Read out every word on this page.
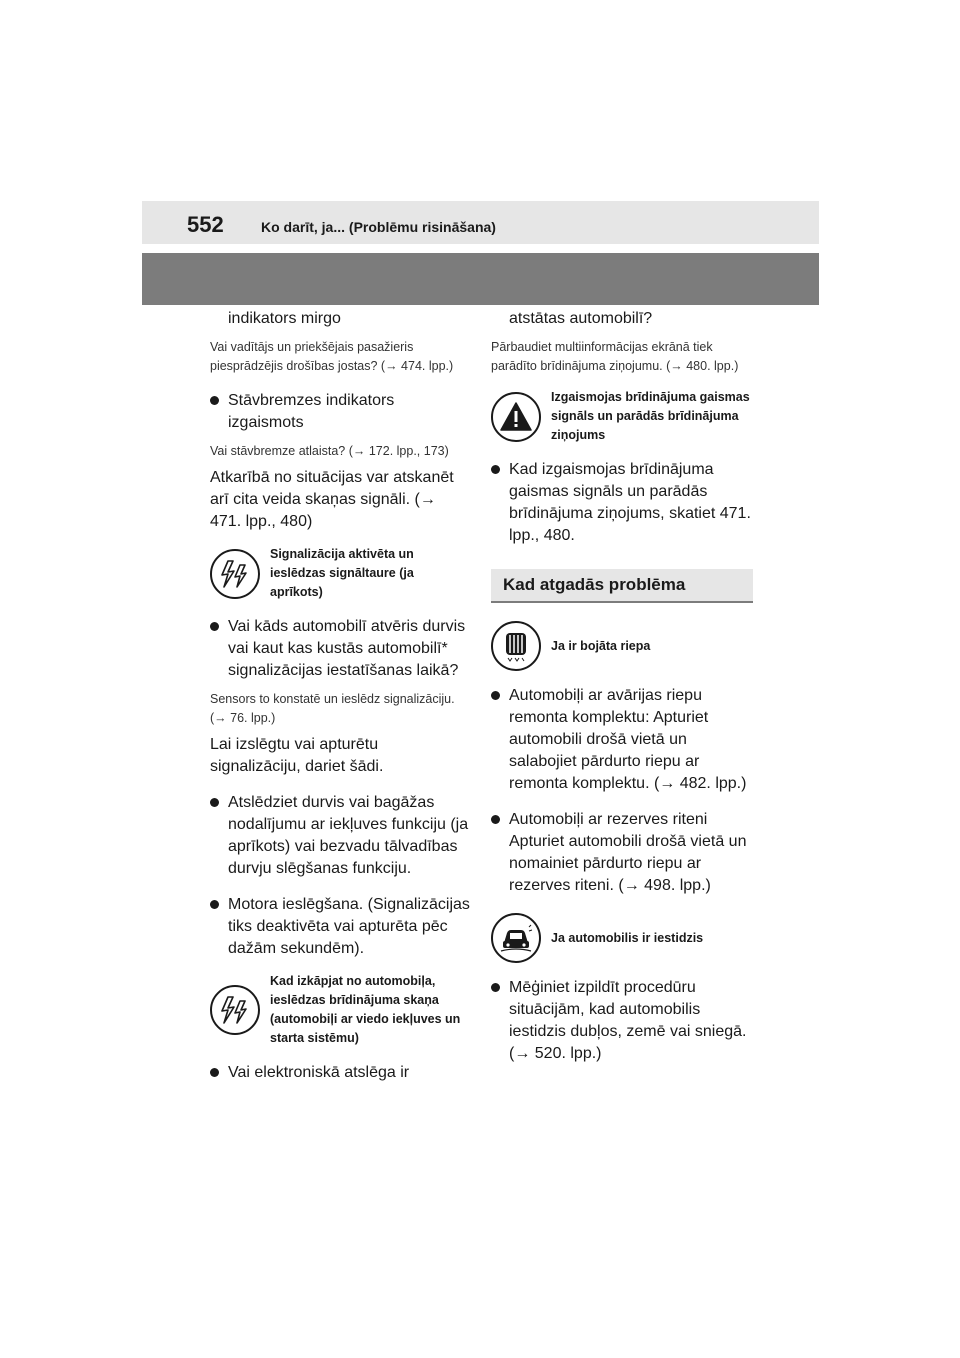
552	Ko darīt, ja... (Problēmu risināšana)
indikators mirgo
Vai vadītājs un priekšējais pasažieris piesprādzējis drošības jostas? (→ 474. lpp.)
Stāvbremzes indikators izgaismots
Vai stāvbremze atlaista? (→ 172. lpp., 173)
Atkarībā no situācijas var atskanēt arī cita veida skaņas signāli. (→ 471. lpp., 480)
Signalizācija aktivēta un ieslēdzas signāltaure (ja aprīkots)
Vai kāds automobilī atvēris durvis vai kaut kas kustās automobilī* signalizācijas iestatīšanas laikā?
Sensors to konstatē un ieslēdz signalizāciju. (→ 76. lpp.)
Lai izslēgtu vai apturētu signalizāciju, dariet šādi.
Atslēdziet durvis vai bagāžas nodalījumu ar iekļuves funkciju (ja aprīkots) vai bezvadu tālvadības durvju slēgšanas funkciju.
Motora ieslēgšana. (Signalizācijas tiks deaktivēta vai apturēta pēc dažām sekundēm).
Kad izkāpjat no automobiļa, ieslēdzas brīdinājuma skaņa (automobiļi ar viedo iekļuves un starta sistēmu)
Vai elektroniskā atslēga ir
atstātas automobilī?
Pārbaudiet multiinformācijas ekrānā tiek parādīto brīdinājuma ziņojumu. (→ 480. lpp.)
Izgaismojas brīdinājuma gaismas signāls un parādās brīdinājuma ziņojums
Kad izgaismojas brīdinājuma gaismas signāls un parādās brīdinājuma ziņojums, skatiet 471. lpp., 480.
Kad atgadās problēma
Ja ir bojāta riepa
Automobiļi ar avārijas riepu remonta komplektu: Apturiet automobili drošā vietā un salabojiet pārdurto riepu ar remonta komplektu. (→ 482. lpp.)
Automobiļi ar rezerves riteni Apturiet automobili drošā vietā un nomainiet pārdurto riepu ar rezerves riteni. (→ 498. lpp.)
Ja automobilis ir iestidzis
Mēģiniet izpildīt procedūru situācijām, kad automobilis iestidzis dubļos, zemē vai sniegā. (→ 520. lpp.)
